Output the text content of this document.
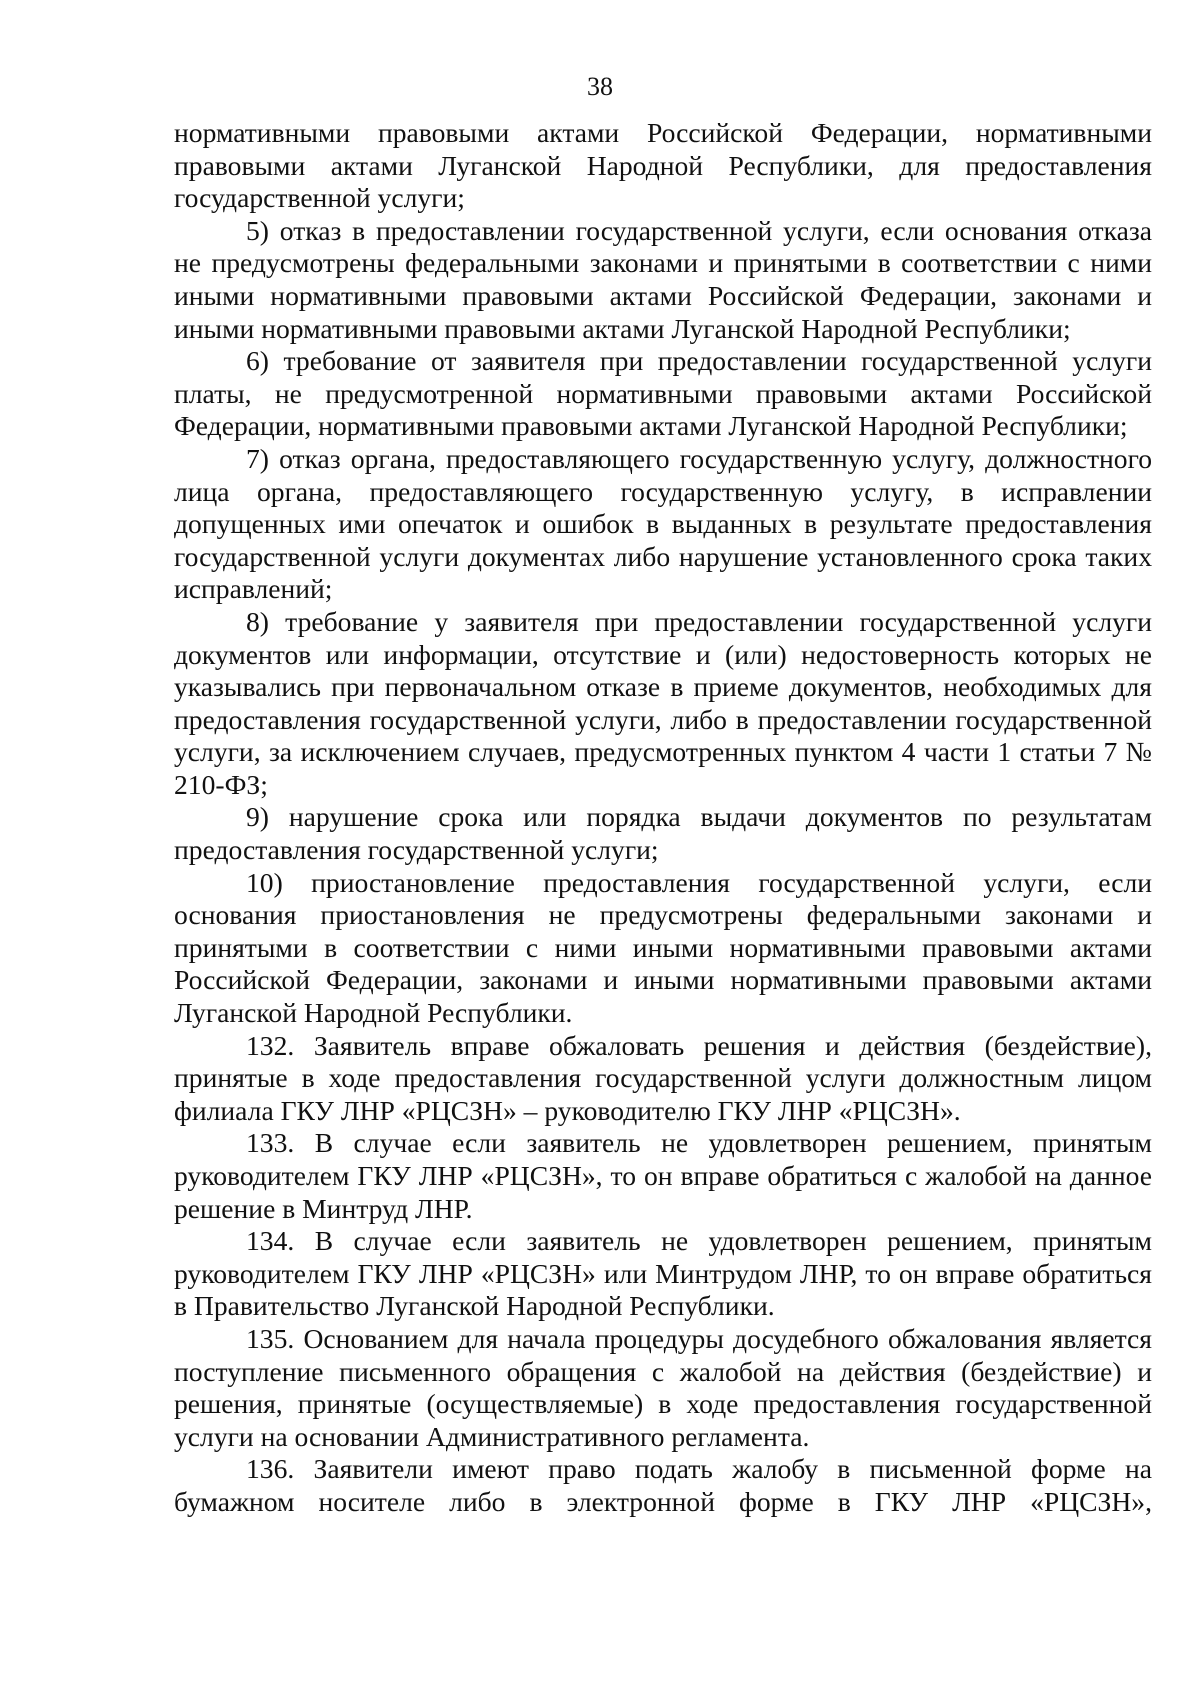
38

нормативными правовыми актами Российской Федерации, нормативными правовыми актами Луганской Народной Республики, для предоставления государственной услуги;

5) отказ в предоставлении государственной услуги, если основания отказа не предусмотрены федеральными законами и принятыми в соответствии с ними иными нормативными правовыми актами Российской Федерации, законами и иными нормативными правовыми актами Луганской Народной Республики;

6) требование от заявителя при предоставлении государственной услуги платы, не предусмотренной нормативными правовыми актами Российской Федерации, нормативными правовыми актами Луганской Народной Республики;

7) отказ органа, предоставляющего государственную услугу, должностного лица органа, предоставляющего государственную услугу, в исправлении допущенных ими опечаток и ошибок в выданных в результате предоставления государственной услуги документах либо нарушение установленного срока таких исправлений;

8) требование у заявителя при предоставлении государственной услуги документов или информации, отсутствие и (или) недостоверность которых не указывались при первоначальном отказе в приеме документов, необходимых для предоставления государственной услуги, либо в предоставлении государственной услуги, за исключением случаев, предусмотренных пунктом 4 части 1 статьи 7 № 210-ФЗ;

9) нарушение срока или порядка выдачи документов по результатам предоставления государственной услуги;

10) приостановление предоставления государственной услуги, если основания приостановления не предусмотрены федеральными законами и принятыми в соответствии с ними иными нормативными правовыми актами Российской Федерации, законами и иными нормативными правовыми актами Луганской Народной Республики.

132. Заявитель вправе обжаловать решения и действия (бездействие), принятые в ходе предоставления государственной услуги должностным лицом филиала ГКУ ЛНР «РЦСЗН» – руководителю ГКУ ЛНР «РЦСЗН».

133. В случае если заявитель не удовлетворен решением, принятым руководителем ГКУ ЛНР «РЦСЗН», то он вправе обратиться с жалобой на данное решение в Минтруд ЛНР.

134. В случае если заявитель не удовлетворен решением, принятым руководителем ГКУ ЛНР «РЦСЗН» или Минтрудом ЛНР, то он вправе обратиться в Правительство Луганской Народной Республики.

135. Основанием для начала процедуры досудебного обжалования является поступление письменного обращения с жалобой на действия (бездействие) и решения, принятые (осуществляемые) в ходе предоставления государственной услуги на основании Административного регламента.

136. Заявители имеют право подать жалобу в письменной форме на бумажном носителе либо в электронной форме в ГКУ ЛНР «РЦСЗН»,
